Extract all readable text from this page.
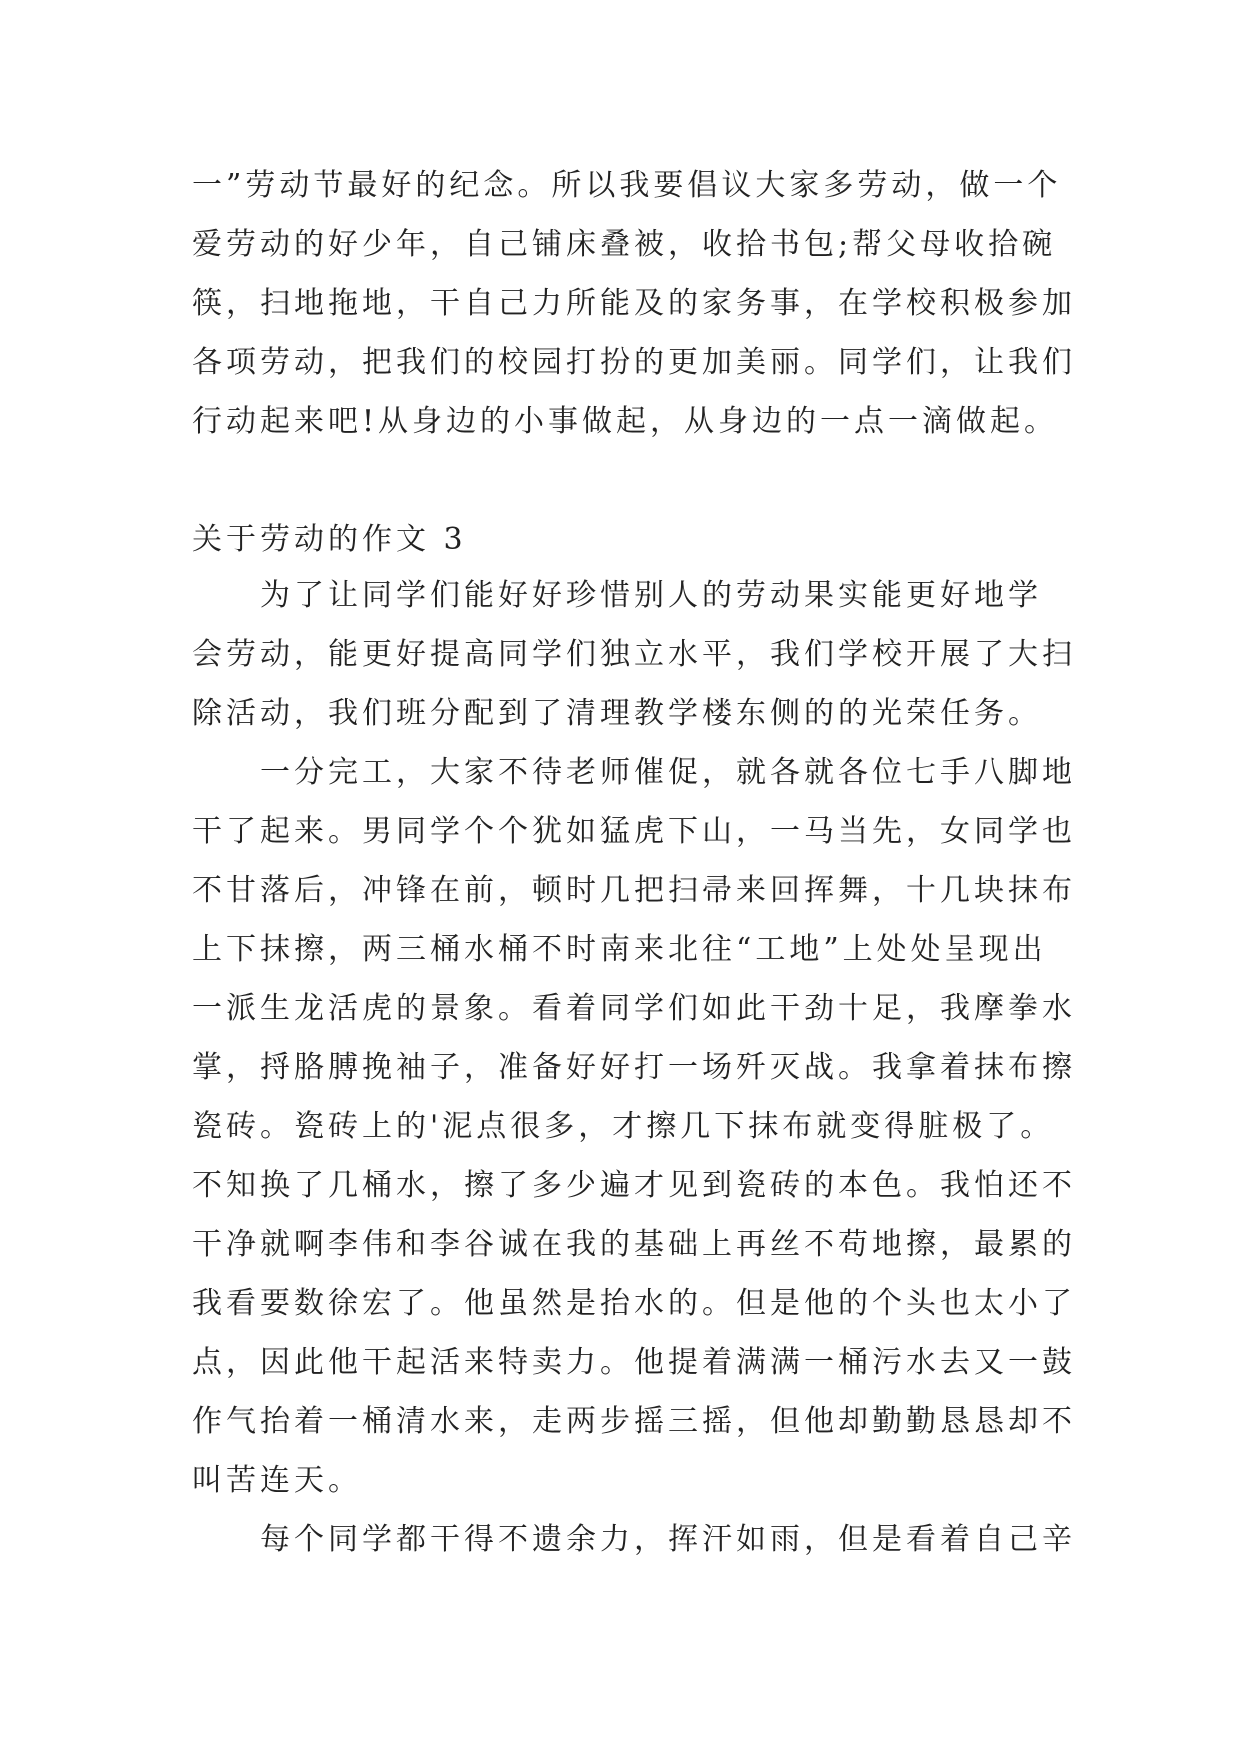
一”劳动节最好的纪念。所以我要倡议大家多劳动，做一个
爱劳动的好少年，自己铺床叠被，收拾书包;帮父母收拾碗
筷，扫地拖地，干自己力所能及的家务事，在学校积极参加
各项劳动，把我们的校园打扮的更加美丽。同学们，让我们
行动起来吧!从身边的小事做起，从身边的一点一滴做起。
关于劳动的作文 3
为了让同学们能好好珍惜别人的劳动果实能更好地学
会劳动，能更好提高同学们独立水平，我们学校开展了大扫
除活动，我们班分配到了清理教学楼东侧的的光荣任务。
一分完工，大家不待老师催促，就各就各位七手八脚地
干了起来。男同学个个犹如猛虎下山，一马当先，女同学也
不甘落后，冲锋在前，顿时几把扫帚来回挥舞，十几块抹布
上下抹擦，两三桶水桶不时南来北往“工地”上处处呈现出
一派生龙活虎的景象。看着同学们如此干劲十足，我摩拳水
掌，捋胳膊挽袖子，准备好好打一场歼灭战。我拿着抹布擦
瓷砖。瓷砖上的'泥点很多，才擦几下抹布就变得脏极了。
不知换了几桶水，擦了多少遍才见到瓷砖的本色。我怕还不
干净就啊李伟和李谷诚在我的基础上再丝不苟地擦，最累的
我看要数徐宏了。他虽然是抬水的。但是他的个头也太小了
点，因此他干起活来特卖力。他提着满满一桶污水去又一鼓
作气抬着一桶清水来，走两步摇三摇，但他却勤勤恳恳却不
叫苦连天。
每个同学都干得不遗余力，挥汗如雨，但是看着自己辛
